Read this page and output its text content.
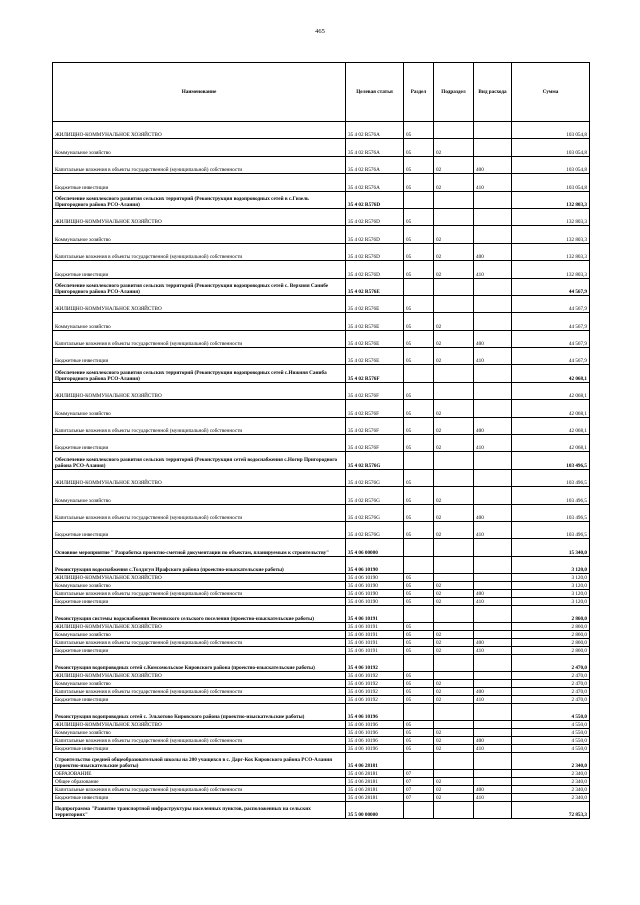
465
Наименование	Целевая статья	Раздел	Подраздел	Вид расхода	Сумма
ЖИЛИЩНО-КОММУНАЛЬНОЕ ХОЗЯЙСТВО	35 4 02 R576A	05			103 054,8
Коммунальное хозяйство	35 4 02 R576A	05	02		103 054,8
Капитальные вложения в объекты государственной (муниципальной) собственности	35 4 02 R576A	05	02	400	103 054,8
Бюджетные инвестиции	35 4 02 R576A	05	02	410	103 054,8
Обеспечение комплексного развития сельских территорий (Реконструкция водопроводных сетей в с.Гизель Пригородного района РСО-Алания)	35 4 02 R576D				132 803,3
ЖИЛИЩНО-КОММУНАЛЬНОЕ ХОЗЯЙСТВО	35 4 02 R576D	05			132 803,3
Коммунальное хозяйство	35 4 02 R576D	05	02		132 803,3
Капитальные вложения в объекты государственной (муниципальной) собственности	35 4 02 R576D	05	02	400	132 803,3
Бюджетные инвестиции	35 4 02 R576D	05	02	410	132 803,3
Обеспечение комплексного развития сельских территорий (Реконструкция водопроводных сетей с. Верхняя Санибе Пригородного района РСО-Алания)	35 4 02 R576E				44 567,9
ЖИЛИЩНО-КОММУНАЛЬНОЕ ХОЗЯЙСТВО	35 4 02 R576E	05			44 567,9
Коммунальное хозяйство	35 4 02 R576E	05	02		44 567,9
Капитальные вложения в объекты государственной (муниципальной) собственности	35 4 02 R576E	05	02	400	44 567,9
Бюджетные инвестиции	35 4 02 R576E	05	02	410	44 567,9
Обеспечение комплексного развития сельских территорий (Реконструкция водопроводных сетей с.Нижняя Саниба Пригородного района РСО-Алания)	35 4 02 R576F				42 068,1
ЖИЛИЩНО-КОММУНАЛЬНОЕ ХОЗЯЙСТВО	35 4 02 R576F	05			42 068,1
Коммунальное хозяйство	35 4 02 R576F	05	02		42 068,1
Капитальные вложения в объекты государственной (муниципальной) собственности	35 4 02 R576F	05	02	400	42 068,1
Бюджетные инвестиции	35 4 02 R576F	05	02	410	42 068,1
Обеспечение комплексного развития сельских территорий (Реконструкция сетей водоснабжения с.Ногир Пригородного района РСО-Алания)	35 4 02 R576G				103 496,5
ЖИЛИЩНО-КОММУНАЛЬНОЕ ХОЗЯЙСТВО	35 4 02 R576G	05			103 496,5
Коммунальное хозяйство	35 4 02 R576G	05	02		103 496,5
Капитальные вложения в объекты государственной (муниципальной) собственности	35 4 02 R576G	05	02	400	103 496,5
Бюджетные инвестиции	35 4 02 R576G	05	02	410	103 496,5
Основное мероприятие " Разработка проектно-сметной документации по объектам, планируемым к строительству"	35 4 06 00000				15 340,0
Реконструкция водоснабжения с.Толдзгун Ирафского района (проектно-изыскательские работы)	35 4 06 10190				3 120,0
ЖИЛИЩНО-КОММУНАЛЬНОЕ ХОЗЯЙСТВО	35 4 06 10190	05			3 120,0
Коммунальное хозяйство	35 4 06 10190	05	02		3 120,0
Капитальные вложения в объекты государственной (муниципальной) собственности	35 4 06 10190	05	02	400	3 120,0
Бюджетные инвестиции	35 4 06 10190	05	02	410	3 120,0
Реконструкция системы водоснабжения Весенвского сельского поселения (проектно-изыскательские работы)	35 4 06 10191				2 860,0
ЖИЛИЩНО-КОММУНАЛЬНОЕ ХОЗЯЙСТВО	35 4 06 10191	05			2 860,0
Коммунальное хозяйство	35 4 06 10191	05	02		2 860,0
Капитальные вложения в объекты государственной (муниципальной) собственности	35 4 06 10191	05	02	400	2 860,0
Бюджетные инвестиции	35 4 06 10191	05	02	410	2 860,0
Реконструкция водопроводных сетей с.Комсомольское Кировского района (проектно-изыскательские работы)	35 4 06 10192				2 470,0
ЖИЛИЩНО-КОММУНАЛЬНОЕ ХОЗЯЙСТВО	35 4 06 10192	05			2 470,0
Коммунальное хозяйство	35 4 06 10192	05	02		2 470,0
Капитальные вложения в объекты государственной (муниципальной) собственности	35 4 06 10192	05	02	400	2 470,0
Бюджетные инвестиции	35 4 06 10192	05	02	410	2 470,0
Реконструкция водопроводных сетей с. Эльхотово Кировского района (проектно-изыскательские работы)	35 4 06 10196				4 550,0
ЖИЛИЩНО-КОММУНАЛЬНОЕ ХОЗЯЙСТВО	35 4 06 10196	05			4 550,0
Коммунальное хозяйство	35 4 06 10196	05	02		4 550,0
Капитальные вложения в объекты государственной (муниципальной) собственности	35 4 06 10196	05	02	400	4 550,0
Бюджетные инвестиции	35 4 06 10196	05	02	410	4 550,0
Строительство средней общеобразовательной школы на 200 учащихся в с. Дарг-Кох Кировского района РСО-Алания (проектно-изыскательские работы)	35 4 06 28181				2 340,0
ОБРАЗОВАНИЕ	35 4 06 28181	07			2 340,0
Общее образование	35 4 06 28181	07	02		2 340,0
Капитальные вложения в объекты государственной (муниципальной) собственности	35 4 06 28181	07	02	400	2 340,0
Бюджетные инвестиции	35 4 06 28181	07	02	410	2 340,0
Подпрограмма "Развитие транспортной инфраструктуры населенных пунктов, расположенных на сельских территориях"	35 5 00 00000				72 853,3
